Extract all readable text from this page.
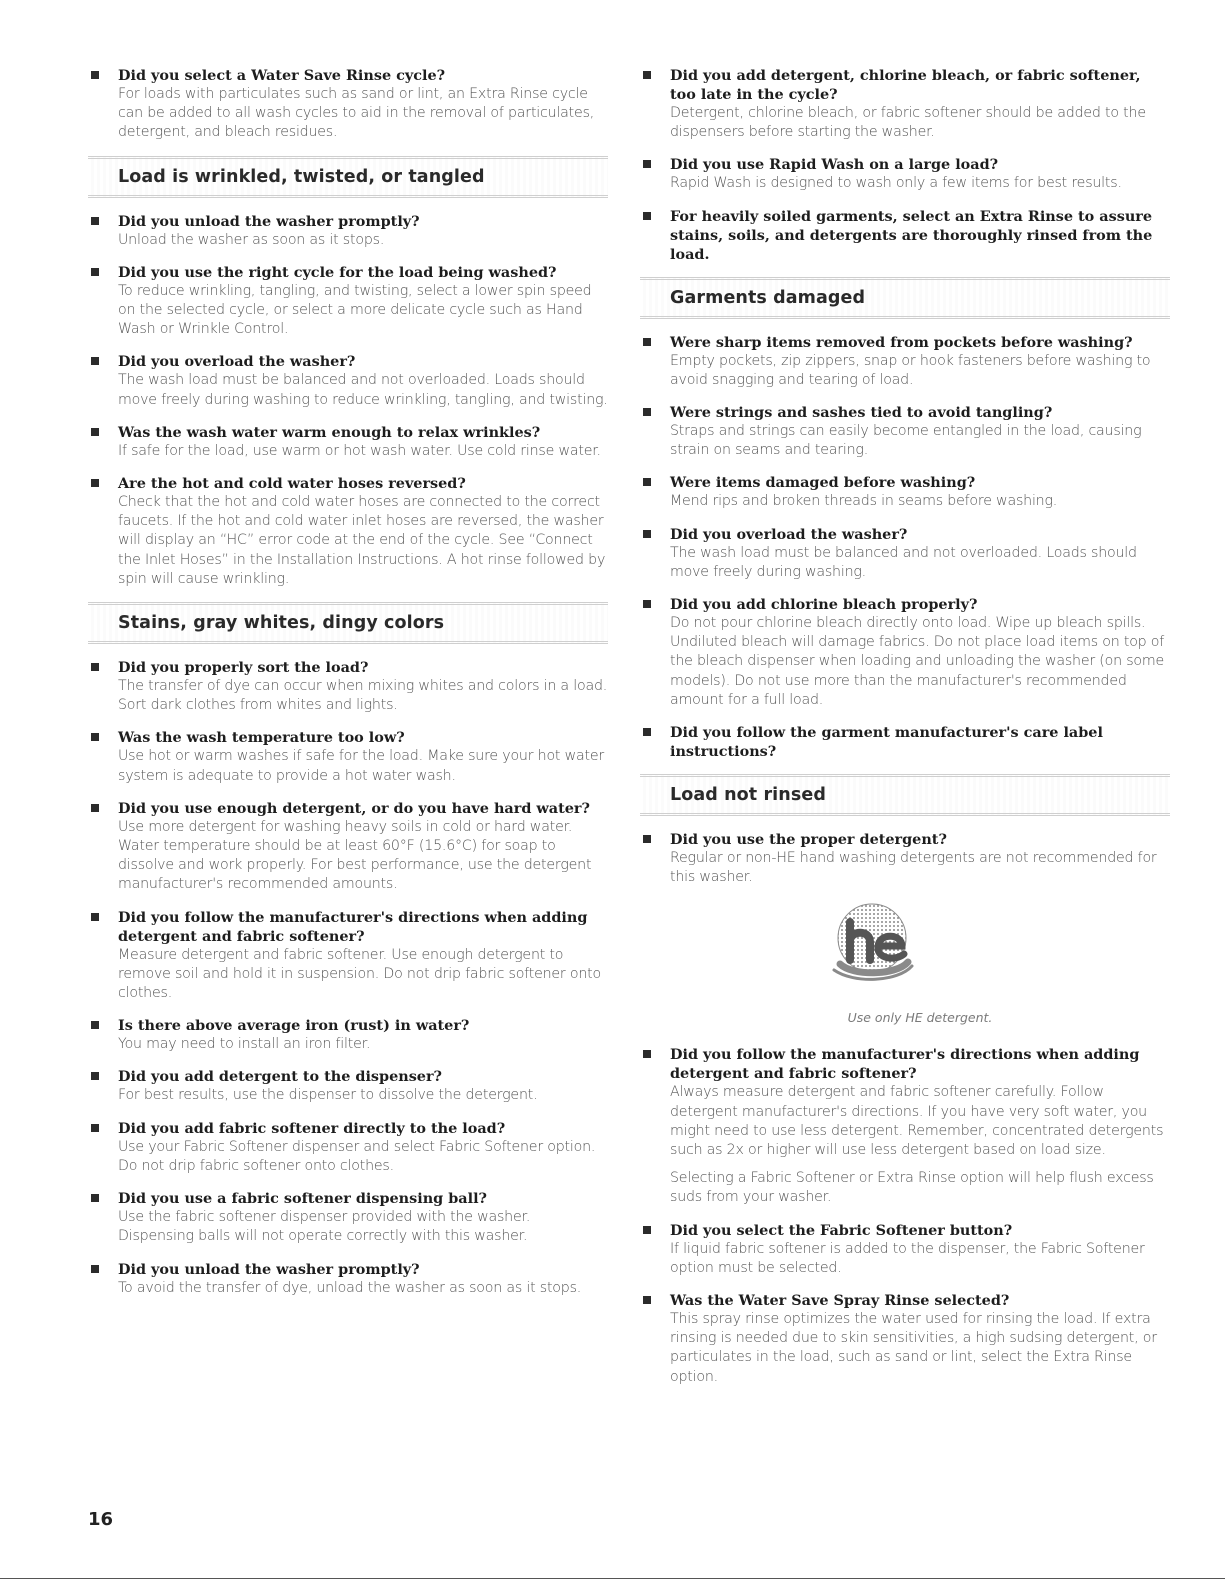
Did you select a Water Save Rinse cycle?

For loads with particulates such as sand or lint, an Extra Rinse cycle can be added to all wash cycles to aid in the removal of particulates, detergent, and bleach residues.

Load is wrinkled, twisted, or tangled
Did you unload the washer promptly?

Unload the washer as soon as it stops.

Did you use the right cycle for the load being washed?

To reduce wrinkling, tangling, and twisting, select a lower spin speed on the selected cycle, or select a more delicate cycle such as Hand Wash or Wrinkle Control.

Did you overload the washer?

The wash load must be balanced and not overloaded. Loads should move freely during washing to reduce wrinkling, tangling, and twisting.

Was the wash water warm enough to relax wrinkles?

If safe for the load, use warm or hot wash water. Use cold rinse water.

Are the hot and cold water hoses reversed?

Check that the hot and cold water hoses are connected to the correct faucets. If the hot and cold water inlet hoses are reversed, the washer will display an “HC” error code at the end of the cycle. See “Connect the Inlet Hoses” in the Installation Instructions. A hot rinse followed by spin will cause wrinkling.

Stains, gray whites, dingy colors
Did you properly sort the load?

The transfer of dye can occur when mixing whites and colors in a load. Sort dark clothes from whites and lights.

Was the wash temperature too low?

Use hot or warm washes if safe for the load. Make sure your hot water system is adequate to provide a hot water wash.

Did you use enough detergent, or do you have hard water?

Use more detergent for washing heavy soils in cold or hard water. Water temperature should be at least 60°F (15.6°C) for soap to dissolve and work properly. For best performance, use the detergent manufacturer's recommended amounts.

Did you follow the manufacturer's directions when adding detergent and fabric softener?

Measure detergent and fabric softener. Use enough detergent to remove soil and hold it in suspension. Do not drip fabric softener onto clothes.

Is there above average iron (rust) in water?

You may need to install an iron filter.

Did you add detergent to the dispenser?

For best results, use the dispenser to dissolve the detergent.

Did you add fabric softener directly to the load?

Use your Fabric Softener dispenser and select Fabric Softener option. Do not drip fabric softener onto clothes.

Did you use a fabric softener dispensing ball?

Use the fabric softener dispenser provided with the washer. Dispensing balls will not operate correctly with this washer.

Did you unload the washer promptly?

To avoid the transfer of dye, unload the washer as soon as it stops.

Did you add detergent, chlorine bleach, or fabric softener, too late in the cycle?

Detergent, chlorine bleach, or fabric softener should be added to the dispensers before starting the washer.

Did you use Rapid Wash on a large load?

Rapid Wash is designed to wash only a few items for best results.

For heavily soiled garments, select an Extra Rinse to assure stains, soils, and detergents are thoroughly rinsed from the load.
Garments damaged
Were sharp items removed from pockets before washing?

Empty pockets, zip zippers, snap or hook fasteners before washing to avoid snagging and tearing of load.

Were strings and sashes tied to avoid tangling?

Straps and strings can easily become entangled in the load, causing strain on seams and tearing.

Were items damaged before washing?

Mend rips and broken threads in seams before washing.

Did you overload the washer?

The wash load must be balanced and not overloaded. Loads should move freely during washing.

Did you add chlorine bleach properly?

Do not pour chlorine bleach directly onto load. Wipe up bleach spills. Undiluted bleach will damage fabrics. Do not place load items on top of the bleach dispenser when loading and unloading the washer (on some models). Do not use more than the manufacturer's recommended amount for a full load.

Did you follow the garment manufacturer's care label instructions?
Load not rinsed
Did you use the proper detergent?

Regular or non-HE hand washing detergents are not recommended for this washer.

Use only HE detergent.
Did you follow the manufacturer's directions when adding detergent and fabric softener?

Always measure detergent and fabric softener carefully. Follow detergent manufacturer's directions. If you have very soft water, you might need to use less detergent. Remember, concentrated detergents such as 2x or higher will use less detergent based on load size.

Selecting a Fabric Softener or Extra Rinse option will help flush excess suds from your washer.

Did you select the Fabric Softener button?

If liquid fabric softener is added to the dispenser, the Fabric Softener option must be selected.

Was the Water Save Spray Rinse selected?

This spray rinse optimizes the water used for rinsing the load. If extra rinsing is needed due to skin sensitivities, a high sudsing detergent, or particulates in the load, such as sand or lint, select the Extra Rinse option.

16
